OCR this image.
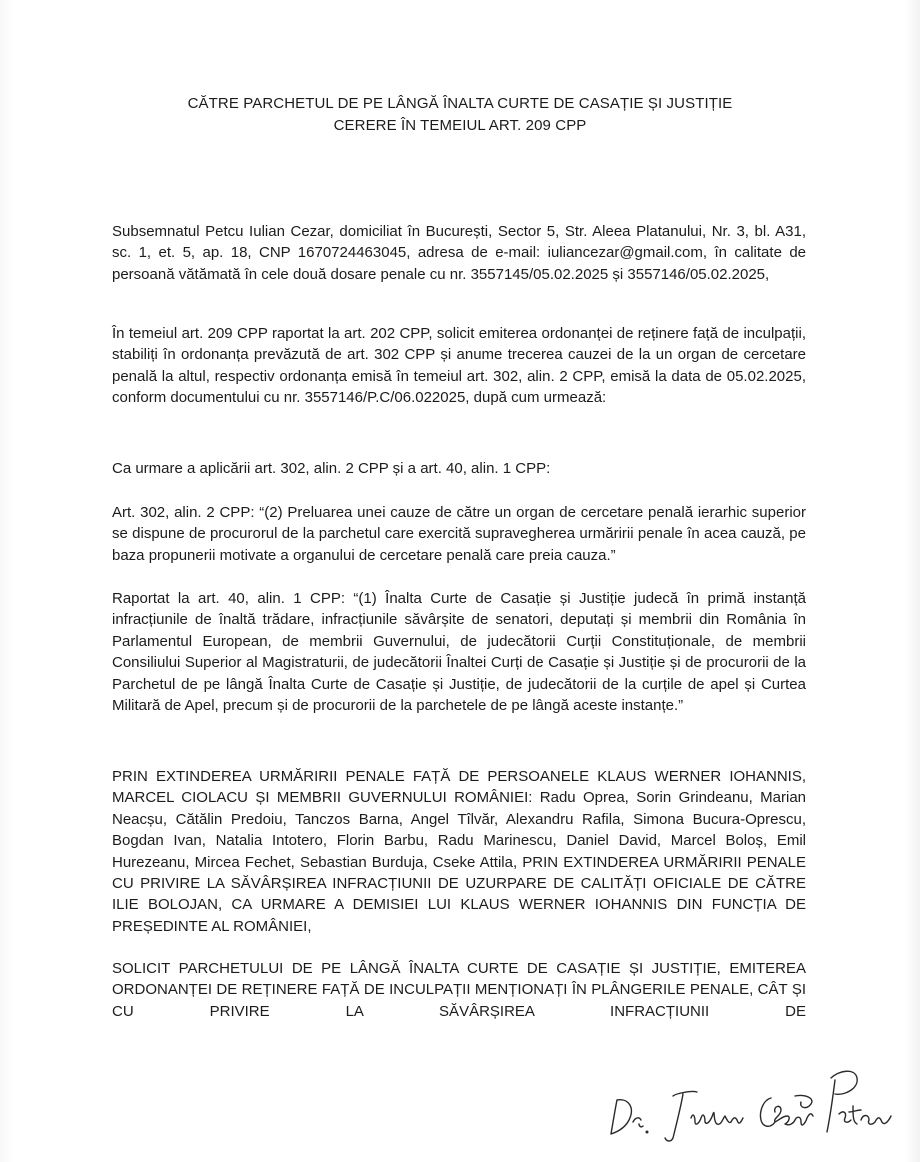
CĂTRE PARCHETUL DE PE LÂNGĂ ÎNALTA CURTE DE CASAȚIE ȘI JUSTIȚIE
CERERE ÎN TEMEIUL ART. 209 CPP

Subsemnatul Petcu Iulian Cezar, domiciliat în București, Sector 5, Str. Aleea Platanului, Nr. 3, bl. A31, sc. 1, et. 5, ap. 18, CNP 1670724463045, adresa de e-mail: iuliancezar@gmail.com, în calitate de persoană vătămată în cele două dosare penale cu nr. 3557145/05.02.2025 și 3557146/05.02.2025,

În temeiul art. 209 CPP raportat la art. 202 CPP, solicit emiterea ordonanței de reținere față de inculpații, stabiliți în ordonanța prevăzută de art. 302 CPP și anume trecerea cauzei de la un organ de cercetare penală la altul, respectiv ordonanța emisă în temeiul art. 302, alin. 2 CPP, emisă la data de 05.02.2025, conform documentului cu nr. 3557146/P.C/06.022025, după cum urmează:

Ca urmare a aplicării art. 302, alin. 2 CPP și a art. 40, alin. 1 CPP:

Art. 302, alin. 2 CPP: “(2) Preluarea unei cauze de către un organ de cercetare penală ierarhic superior se dispune de procurorul de la parchetul care exercită supravegherea urmăririi penale în acea cauză, pe baza propunerii motivate a organului de cercetare penală care preia cauza.”

Raportat la art. 40, alin. 1 CPP: “(1) Înalta Curte de Casație și Justiție judecă în primă instanță infracțiunile de înaltă trădare, infracțiunile săvârșite de senatori, deputați și membrii din România în Parlamentul European, de membrii Guvernului, de judecătorii Curții Constituționale, de membrii Consiliului Superior al Magistraturii, de judecătorii Înaltei Curți de Casație și Justiție și de procurorii de la Parchetul de pe lângă Înalta Curte de Casație și Justiție, de judecătorii de la curțile de apel și Curtea Militară de Apel, precum și de procurorii de la parchetele de pe lângă aceste instanțe.”

PRIN EXTINDEREA URMĂRIRII PENALE FAȚĂ DE PERSOANELE KLAUS WERNER IOHANNIS, MARCEL CIOLACU ȘI MEMBRII GUVERNULUI ROMÂNIEI: Radu Oprea, Sorin Grindeanu, Marian Neacșu, Cătălin Predoiu, Tanczos Barna, Angel Tîlvăr, Alexandru Rafila, Simona Bucura-Oprescu, Bogdan Ivan, Natalia Intotero, Florin Barbu, Radu Marinescu, Daniel David, Marcel Boloș, Emil Hurezeanu, Mircea Fechet, Sebastian Burduja, Cseke Attila, PRIN EXTINDEREA URMĂRIRII PENALE CU PRIVIRE LA SĂVÂRȘIREA INFRACȚIUNII DE UZURPARE DE CALITĂȚI OFICIALE DE CĂTRE ILIE BOLOJAN, CA URMARE A DEMISIEI LUI KLAUS WERNER IOHANNIS DIN FUNCȚIA DE PREȘEDINTE AL ROMÂNIEI,

SOLICIT PARCHETULUI DE PE LÂNGĂ ÎNALTA CURTE DE CASAȚIE ȘI JUSTIȚIE, EMITEREA ORDONANȚEI DE REȚINERE FAȚĂ DE INCULPAȚII MENȚIONAȚI ÎN PLÂNGERILE PENALE, CÂT ȘI CU PRIVIRE LA SĂVÂRȘIREA INFRACȚIUNII DE
